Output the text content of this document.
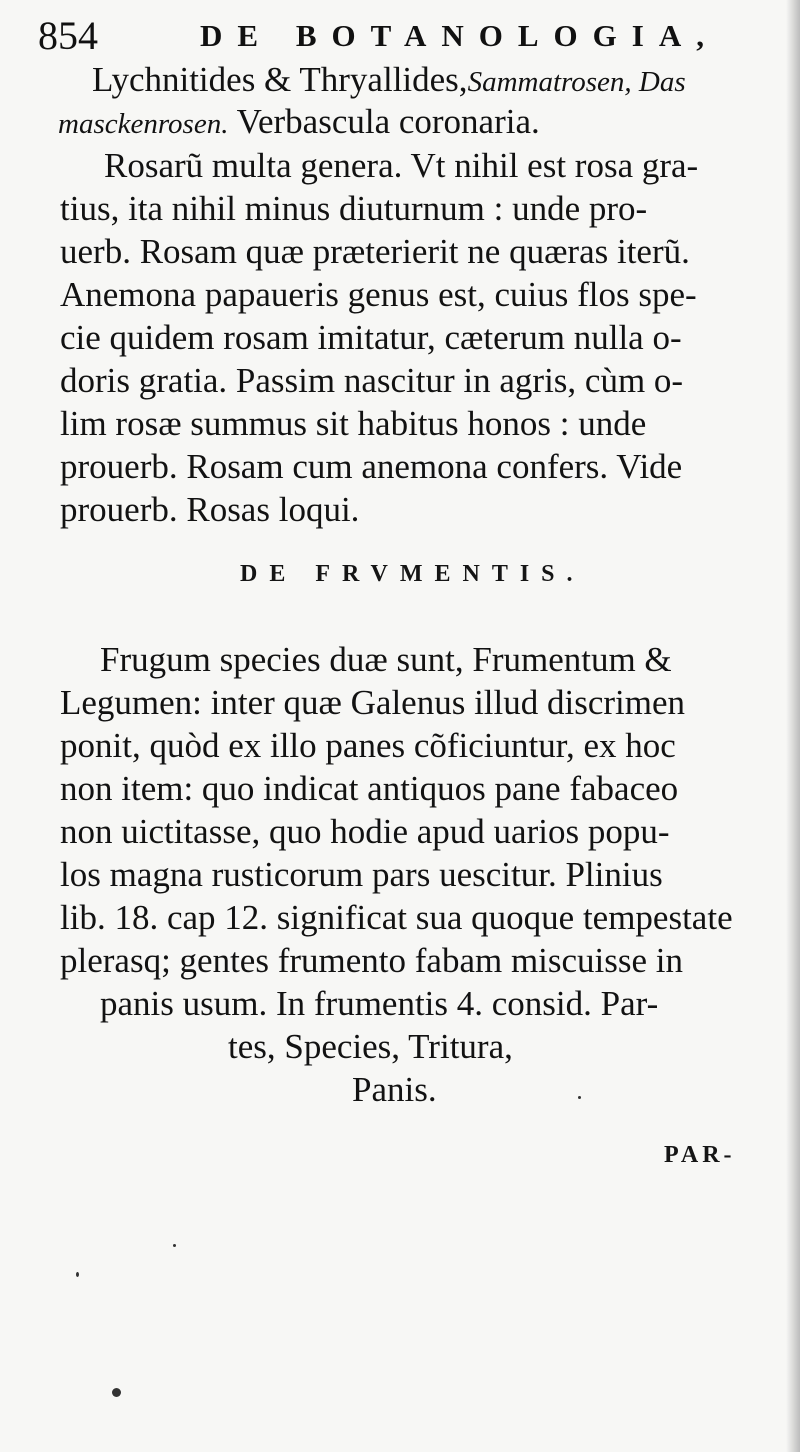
854	DE BOTANOLOGIA,
Lychnitides & Thryallides,Sammatrosen, Das
masckenrosen. Verbascula coronaria.
Rosarũ multa genera. Vt nihil est rosa gra-
tius, ita nihil minus diuturnum : unde pro-
uerb. Rosam quæ præterierit ne quæras iterũ.
Anemona papaueris genus est, cuius flos spe-
cie quidem rosam imitatur, cæterum nulla o-
doris gratia. Passim nascitur in agris, cùm o-
lim rosæ summus sit habitus honos : unde
prouerb. Rosam cum anemona confers. Vide
prouerb. Rosas loqui.
DE FRVMENTIS.
Frugum species duæ sunt, Frumentum &
Legumen: inter quæ Galenus illud discrimen
ponit, quòd ex illo panes cõficiuntur, ex hoc
non item: quo indicat antiquos pane fabaceo
non uictitasse, quo hodie apud uarios popu-
los magna rusticorum pars uescitur. Plinius
lib. 18. cap 12. significat sua quoque tempestate
plerasq; gentes frumento fabam miscuisse in
panis usum. In frumentis 4. consid. Par-
tes, Species, Tritura,
Panis.
PAR-
